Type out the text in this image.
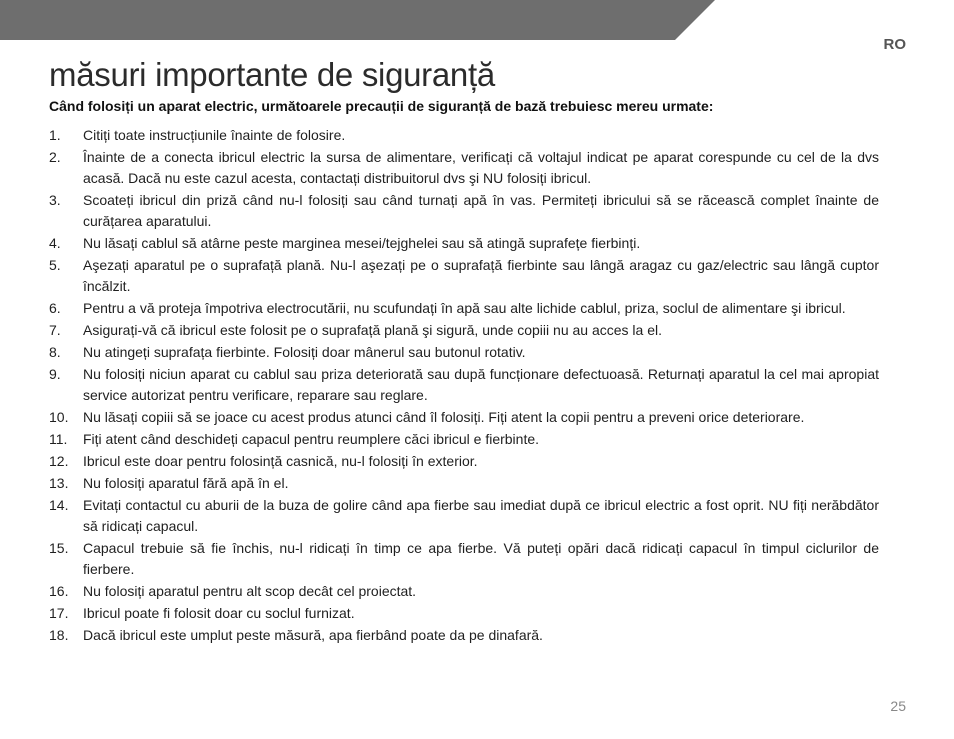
RO
măsuri importante de siguranță

Când folosiți un aparat electric, următoarele precauții de siguranță de bază trebuiesc mereu urmate:

1. Citiți toate instrucțiunile înainte de folosire.
2. Înainte de a conecta ibricul electric la sursa de alimentare, verificați că voltajul indicat pe aparat corespunde cu cel de la dvs acasă. Dacă nu este cazul acesta, contactați distribuitorul dvs şi NU folosiți ibricul.
3. Scoateți ibricul din priză când nu-l folosiți sau când turnați apă în vas. Permiteți ibricului să se răcească complet înainte de curățarea aparatului.
4. Nu lăsați cablul să atârne peste marginea mesei/tejghelei sau să atingă suprafețe fierbinți.
5. Aşezați aparatul pe o suprafață plană. Nu-l aşezați pe o suprafață fierbinte sau lângă aragaz cu gaz/electric sau lângă cuptor încălzit.
6. Pentru a vă proteja împotriva electrocutării, nu scufundați în apă sau alte lichide cablul, priza, soclul de alimentare şi ibricul.
7. Asigurați-vă că ibricul este folosit pe o suprafață plană şi sigură, unde copiii nu au acces la el.
8. Nu atingeți suprafața fierbinte. Folosiți doar mânerul sau butonul rotativ.
9. Nu folosiți niciun aparat cu cablul sau priza deteriorată sau după funcționare defectuoasă. Returnați aparatul la cel mai apropiat service autorizat pentru verificare, reparare sau reglare.
10. Nu lăsați copiii să se joace cu acest produs atunci când îl folosiți. Fiți atent la copii pentru a preveni orice deteriorare.
11. Fiți atent când deschideți capacul pentru reumplere căci ibricul e fierbinte.
12. Ibricul este doar pentru folosință casnică, nu-l folosiți în exterior.
13. Nu folosiți aparatul fără apă în el.
14. Evitați contactul cu aburii de la buza de golire când apa fierbe sau imediat după ce ibricul electric a fost oprit. NU fiți nerăbdător să ridicați capacul.
15. Capacul trebuie să fie închis, nu-l ridicați în timp ce apa fierbe. Vă puteți opări dacă ridicați capacul în timpul ciclurilor de fierbere.
16. Nu folosiți aparatul pentru alt scop decât cel proiectat.
17. Ibricul poate fi folosit doar cu soclul furnizat.
18. Dacă ibricul este umplut peste măsură, apa fierbând poate da pe dinafară.
25
